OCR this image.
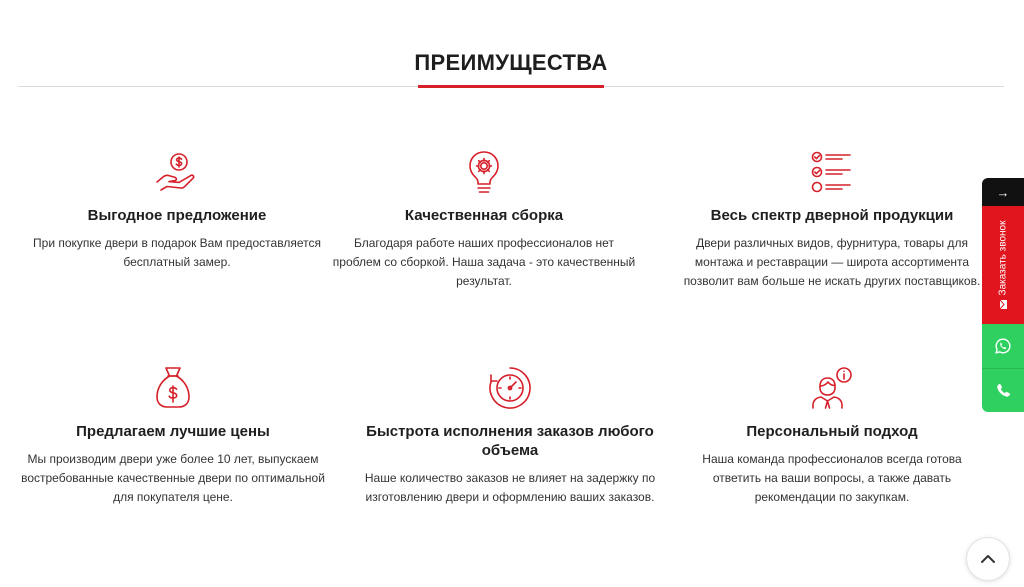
ПРЕИМУЩЕСТВА
Выгодное предложение

При покупке двери в подарок Вам предоставляется бесплатный замер.

Качественная сборка

Благодаря работе наших профессионалов нет проблем со сборкой. Наша задача - это качественный результат.

Весь спектр дверной продукции

Двери различных видов, фурнитура, товары для монтажа и реставрации — широта ассортимента позволит вам больше не искать других поставщиков.

Предлагаем лучшие цены

Мы производим двери уже более 10 лет, выпускаем востребованные качественные двери по оптимальной для покупателя цене.

Быстрота исполнения заказов любого объема

Наше количество заказов не влияет на задержку по изготовлению двери и оформлению ваших заказов.

Персональный подход

Наша команда профессионалов всегда готова ответить на ваши вопросы, а также давать рекомендации по закупкам.

→
Заказать звонок
